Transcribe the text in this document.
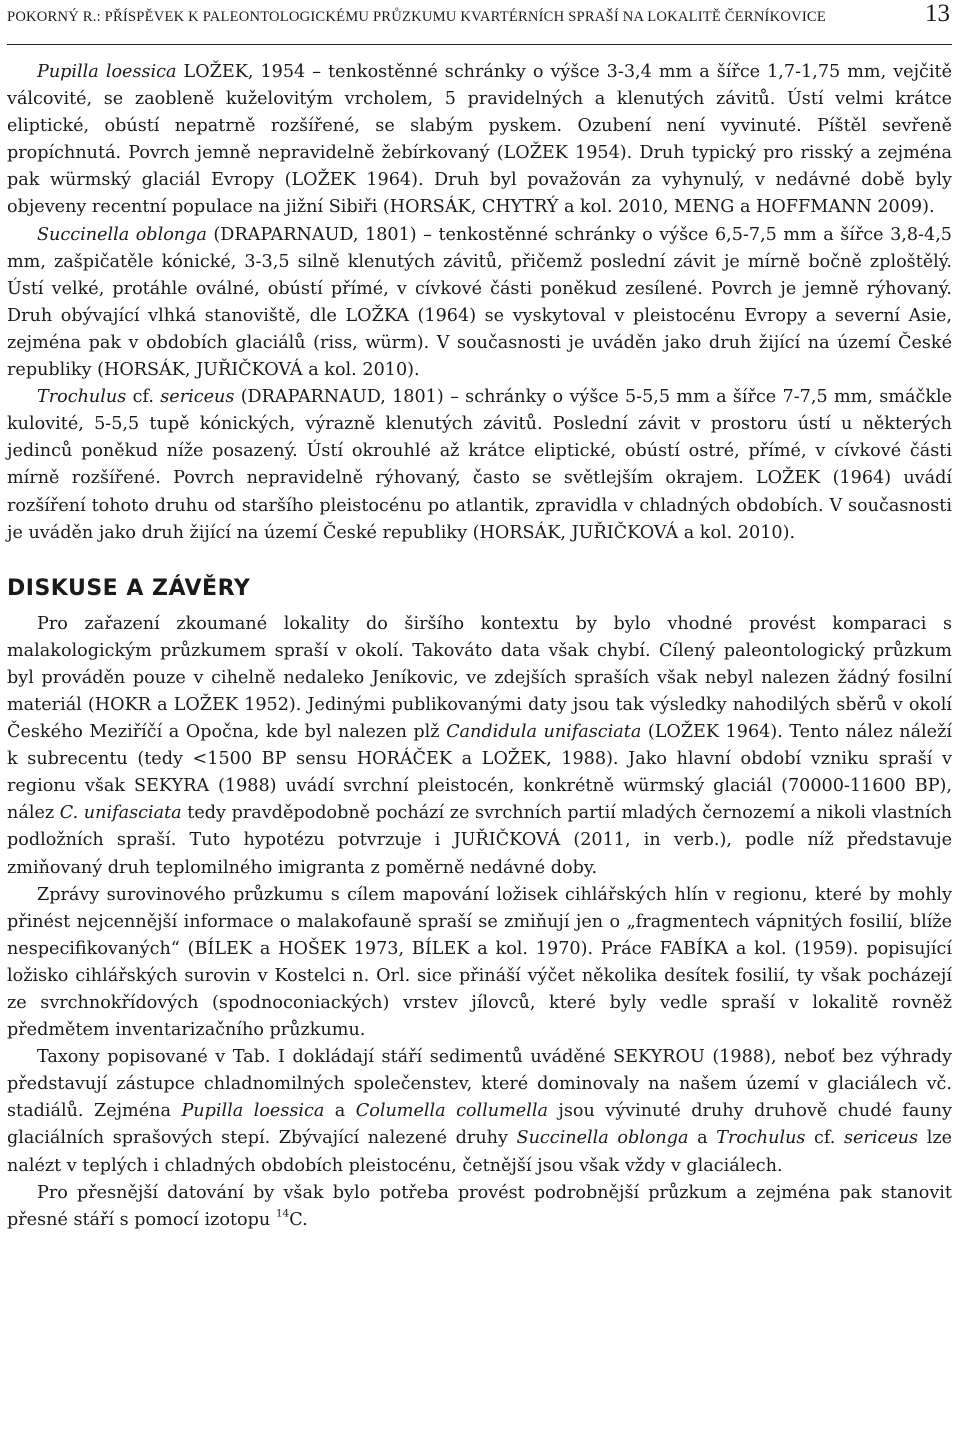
POKORNÝ R.: PŘÍSPĚVEK K PALEONTOLOGICKÉMU PRŮZKUMU KVARTÉRNÍCH SPRAŠÍ NA LOKALITĚ ČERNÍKOVICE	13

Pupilla loessica LOŽEK, 1954 – tenkostěnné schránky o výšce 3-3,4 mm a šířce 1,7-1,75 mm, vejčitě válcovité, se zaobleně kuželovitým vrcholem, 5 pravidelných a klenutých závitů. Ústí velmi krátce eliptické, obústí nepatrně rozšířené, se slabým pyskem. Ozubení není vyvinuté. Píštěl sevřeně propíchnutá. Povrch jemně nepravidelně žebírkovaný (LOŽEK 1954). Druh typický pro risský a zejména pak würmský glaciál Evropy (LOŽEK 1964). Druh byl považován za vyhynulý, v nedávné době byly objeveny recentní populace na jižní Sibiři (HORSÁK, CHYTRÝ a kol. 2010, MENG a HOFFMANN 2009).

Succinella oblonga (DRAPARNAUD, 1801) – tenkostěnné schránky o výšce 6,5-7,5 mm a šířce 3,8-4,5 mm, zašpičatěle kónické, 3-3,5 silně klenutých závitů, přičemž poslední závit je mírně bočně zploštělý. Ústí velké, protáhle oválné, obústí přímé, v cívkové části poněkud zesílené. Povrch je jemně rýhovaný. Druh obývající vlhká stanoviště, dle LOŽKA (1964) se vyskytoval v pleistocénu Evropy a severní Asie, zejména pak v obdobích glaciálů (riss, würm). V současnosti je uváděn jako druh žijící na území České republiky (HORSÁK, JUŘIČKOVÁ a kol. 2010).

Trochulus cf. sericeus (DRAPARNAUD, 1801) – schránky o výšce 5-5,5 mm a šířce 7-7,5 mm, smáčkle kulovité, 5-5,5 tupě kónických, výrazně klenutých závitů. Poslední závit v prostoru ústí u některých jedinců poněkud níže posazený. Ústí okrouhlé až krátce eliptické, obústí ostré, přímé, v cívkové části mírně rozšířené. Povrch nepravidelně rýhovaný, často se světlejším okrajem. LOŽEK (1964) uvádí rozšíření tohoto druhu od staršího pleistocénu po atlantik, zpravidla v chladných obdobích. V současnosti je uváděn jako druh žijící na území České republiky (HORSÁK, JUŘIČKOVÁ a kol. 2010).

DISKUSE A ZÁVĚRY

Pro zařazení zkoumané lokality do širšího kontextu by bylo vhodné provést komparaci s malakologickým průzkumem spraší v okolí. Takováto data však chybí. Cílený paleontologický průzkum byl prováděn pouze v cihelně nedaleko Jeníkovic, ve zdejších spraších však nebyl nalezen žádný fosilní materiál (HOKR a LOŽEK 1952). Jedinými publikovanými daty jsou tak výsledky nahodilých sběrů v okolí Českého Meziříčí a Opočna, kde byl nalezen plž Candidula unifasciata (LOŽEK 1964). Tento nález náleží k subrecentu (tedy <1500 BP sensu HORÁČEK a LOŽEK, 1988). Jako hlavní období vzniku spraší v regionu však SEKYRA (1988) uvádí svrchní pleistocén, konkrétně würmský glaciál (70000-11600 BP), nález C. unifasciata tedy pravděpodobně pochází ze svrchních partií mladých černozemí a nikoli vlastních podložních spraší. Tuto hypotézu potvrzuje i JUŘIČKOVÁ (2011, in verb.), podle níž představuje zmiňovaný druh teplomilného imigranta z poměrně nedávné doby.

Zprávy surovinového průzkumu s cílem mapování ložisek cihlářských hlín v regionu, které by mohly přinést nejcennější informace o malakofauně spraší se zmiňují jen o „fragmentech vápnitých fosilií, blíže nespecifikovaných“ (BÍLEK a HOŠEK 1973, BÍLEK a kol. 1970). Práce FABÍKA a kol. (1959). popisující ložisko cihlářských surovin v Kostelci n. Orl. sice přináší výčet několika desítek fosilií, ty však pocházejí ze svrchnokřídových (spodnoconiackých) vrstev jílovců, které byly vedle spraší v lokalitě rovněž předmětem inventarizačního průzkumu.

Taxony popisované v Tab. I dokládají stáří sedimentů uváděné SEKYROU (1988), neboť bez výhrady představují zástupce chladnomilných společenstev, které dominovaly na našem území v glaciálech vč. stadiálů. Zejména Pupilla loessica a Columella collumella jsou vývinuté druhy druhově chudé fauny glaciálních sprašových stepí. Zbývající nalezené druhy Succinella oblonga a Trochulus cf. sericeus lze nalézt v teplých i chladných obdobích pleistocénu, četnější jsou však vždy v glaciálech.

Pro přesnější datování by však bylo potřeba provést podrobnější průzkum a zejména pak stanovit přesné stáří s pomocí izotopu $^{14}$C.
